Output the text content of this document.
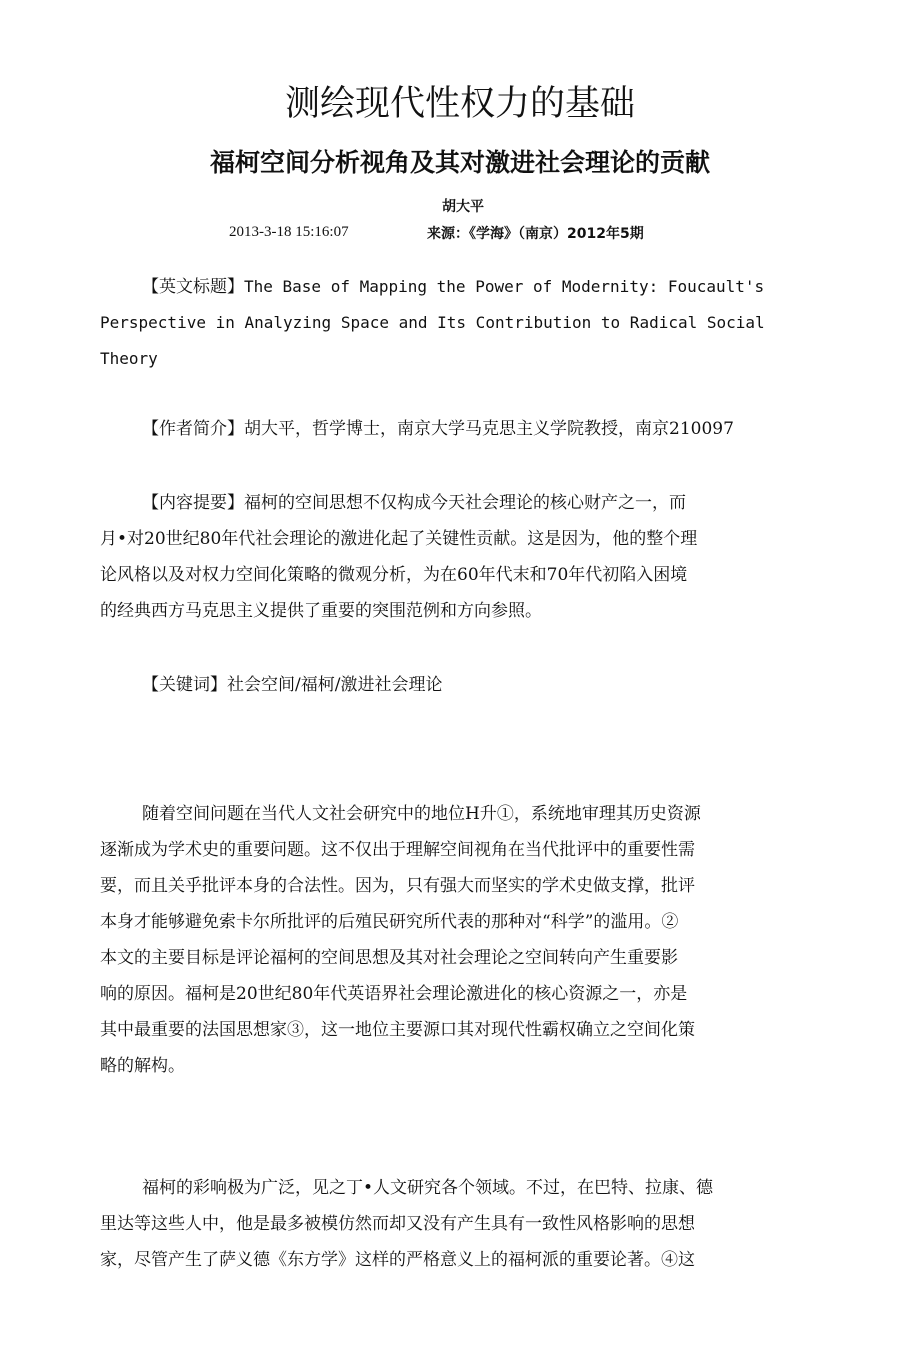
测绘现代性权力的基础
福柯空间分析视角及其对激进社会理论的贡献
胡大平
2013-3-18 15:16:07	来源：《学海》（南京）2012年5期
【英文标题】The Base of Mapping the Power of Modernity: Foucault's
Perspective in Analyzing Space and Its Contribution to Radical Social
Theory
【作者简介】胡大平，哲学博士，南京大学马克思主义学院教授，南京210097
【内容提要】福柯的空间思想不仅构成今天社会理论的核心财产之一，而
月•对20世纪80年代社会理论的激进化起了关键性贡献。这是因为，他的整个理
论风格以及对权力空间化策略的微观分析，为在60年代末和70年代初陷入困境
的经典西方马克思主义提供了重要的突围范例和方向参照。
【关键词】社会空间/福柯/激进社会理论
随着空间问题在当代人文社会研究中的地位H升①，系统地审理其历史资源
逐渐成为学术史的重要问题。这不仅出于理解空间视角在当代批评中的重要性需
要，而且关乎批评本身的合法性。因为，只有强大而坚实的学术史做支撑，批评
本身才能够避免索卡尔所批评的后殖民研究所代表的那种对“科学”的滥用。②
本文的主要目标是评论福柯的空间思想及其对社会理论之空间转向产生重要影
响的原因。福柯是20世纪80年代英语界社会理论激进化的核心资源之一，亦是
其中最重要的法国思想家③，这一地位主要源口其对现代性霸权确立之空间化策
略的解构。
福柯的彩响极为广泛，见之丁•人文研究各个领域。不过，在巴特、拉康、德
里达等这些人中，他是最多被模仿然而却又没有产生具有一致性风格影响的思想
家，尽管产生了萨义德《东方学》这样的严格意义上的福柯派的重要论著。④这
